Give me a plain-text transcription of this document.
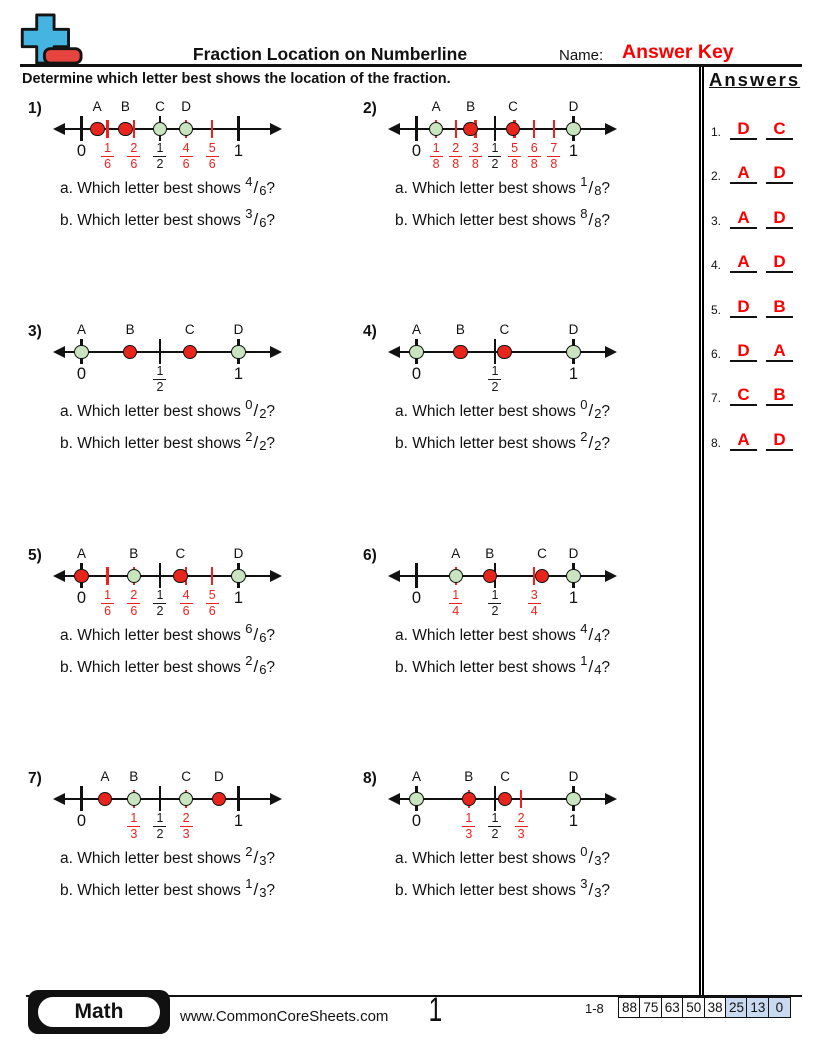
Fraction Location on Numberline	Name: Answer Key
Determine which letter best shows the location of the fraction.	Answers
1. D	C
2. A	D
3. A	D
4. A	D
5. D	B
6. D	A
7. C	B
8. A	D
1)
0	1
6
2
6
1
2
4
6
5
6
1
A B C D
a. Which letter best shows $^4$/6?
b. Which letter best shows $^3$/6?
2)
0 1
8
2
8
3
8
1
2
5
8
6
8
7
8
1
A B C	D
a. Which letter best shows $^1$/8?
b. Which letter best shows $^8$/8?
3)
0	1
2
1
A	B	C	D
a. Which letter best shows $^0$/2?
b. Which letter best shows $^2$/2?
4)
0	1
2
1
A	B	C	D
a. Which letter best shows $^0$/2?
b. Which letter best shows $^2$/2?
5)
0	1
6
2
6
1
2
4
6
5
6
1
A	B	C	D
a. Which letter best shows $^6$/6?
b. Which letter best shows $^2$/6?
6)
0	1
4
1
2
3
4
1
A B	C D
a. Which letter best shows $^4$/4?
b. Which letter best shows $^1$/4?
7)
0	1
3
1
2
2
3
1
A B	C D
a. Which letter best shows $^2$/3?
b. Which letter best shows $^1$/3?
8)
0	1
3
1
2
2
3
1
A	B C	D
a. Which letter best shows $^0$/3?
b. Which letter best shows $^3$/3?
Math	www.CommonCoreSheets.com 1	1-8 88 75 63 50 38 25 13 0
